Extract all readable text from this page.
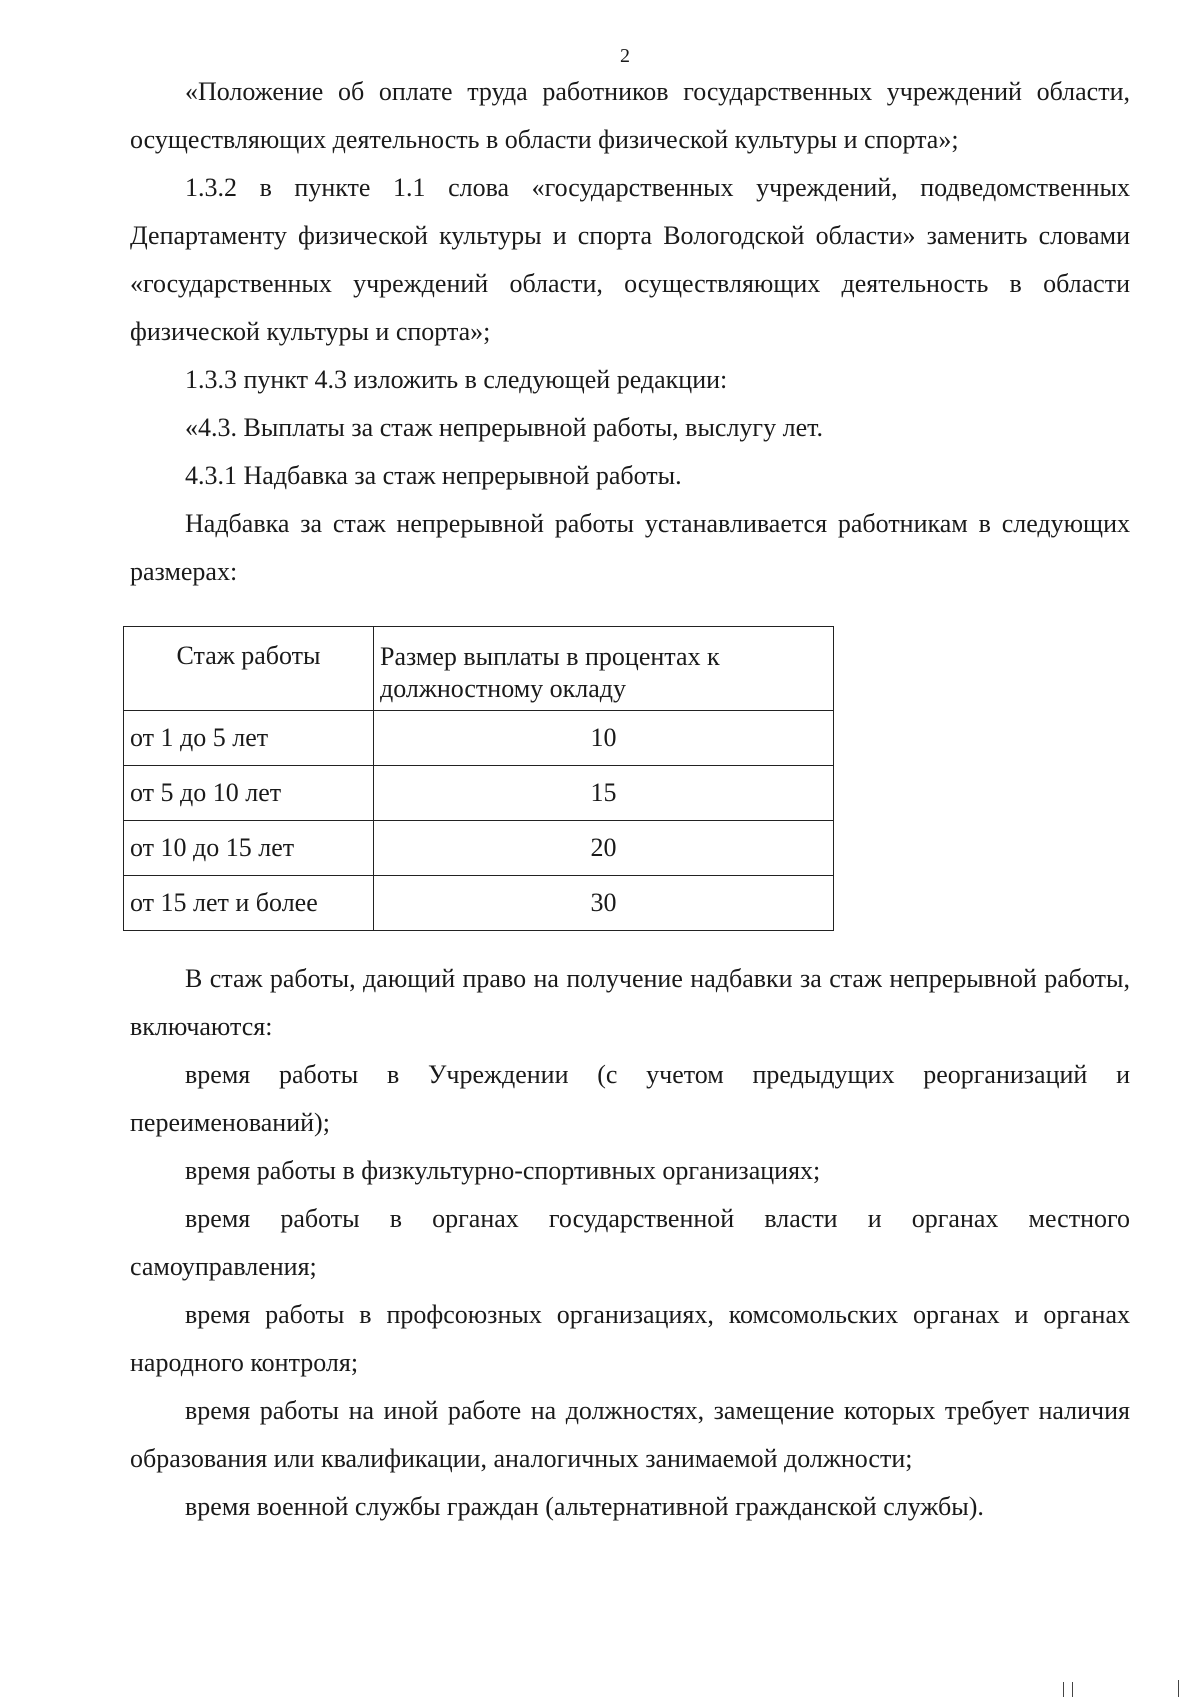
2

«Положение об оплате труда работников государственных учреждений области, осуществляющих деятельность в области физической культуры и спорта»;

1.3.2 в пункте 1.1 слова «государственных учреждений, подведомственных Департаменту физической культуры и спорта Вологодской области» заменить словами «государственных учреждений области, осуществляющих деятельность в области физической культуры и спорта»;

1.3.3 пункт 4.3 изложить в следующей редакции:

«4.3. Выплаты за стаж непрерывной работы, выслугу лет.

4.3.1 Надбавка за стаж непрерывной работы.

Надбавка за стаж непрерывной работы устанавливается работникам в следующих размерах:

Стаж работы	Размер выплаты в процентах к должностному окладу
от 1 до 5 лет	10
от 5 до 10 лет	15
от 10 до 15 лет	20
от 15 лет и более	30

В стаж работы, дающий право на получение надбавки за стаж непрерывной работы, включаются:

время работы в Учреждении (с учетом предыдущих реорганизаций и переименований);

время работы в физкультурно-спортивных организациях;

время работы в органах государственной власти и органах местного самоуправления;

время работы в профсоюзных организациях, комсомольских органах и органах народного контроля;

время работы на иной работе на должностях, замещение которых требует наличия образования или квалификации, аналогичных занимаемой должности;

время военной службы граждан (альтернативной гражданской службы).
